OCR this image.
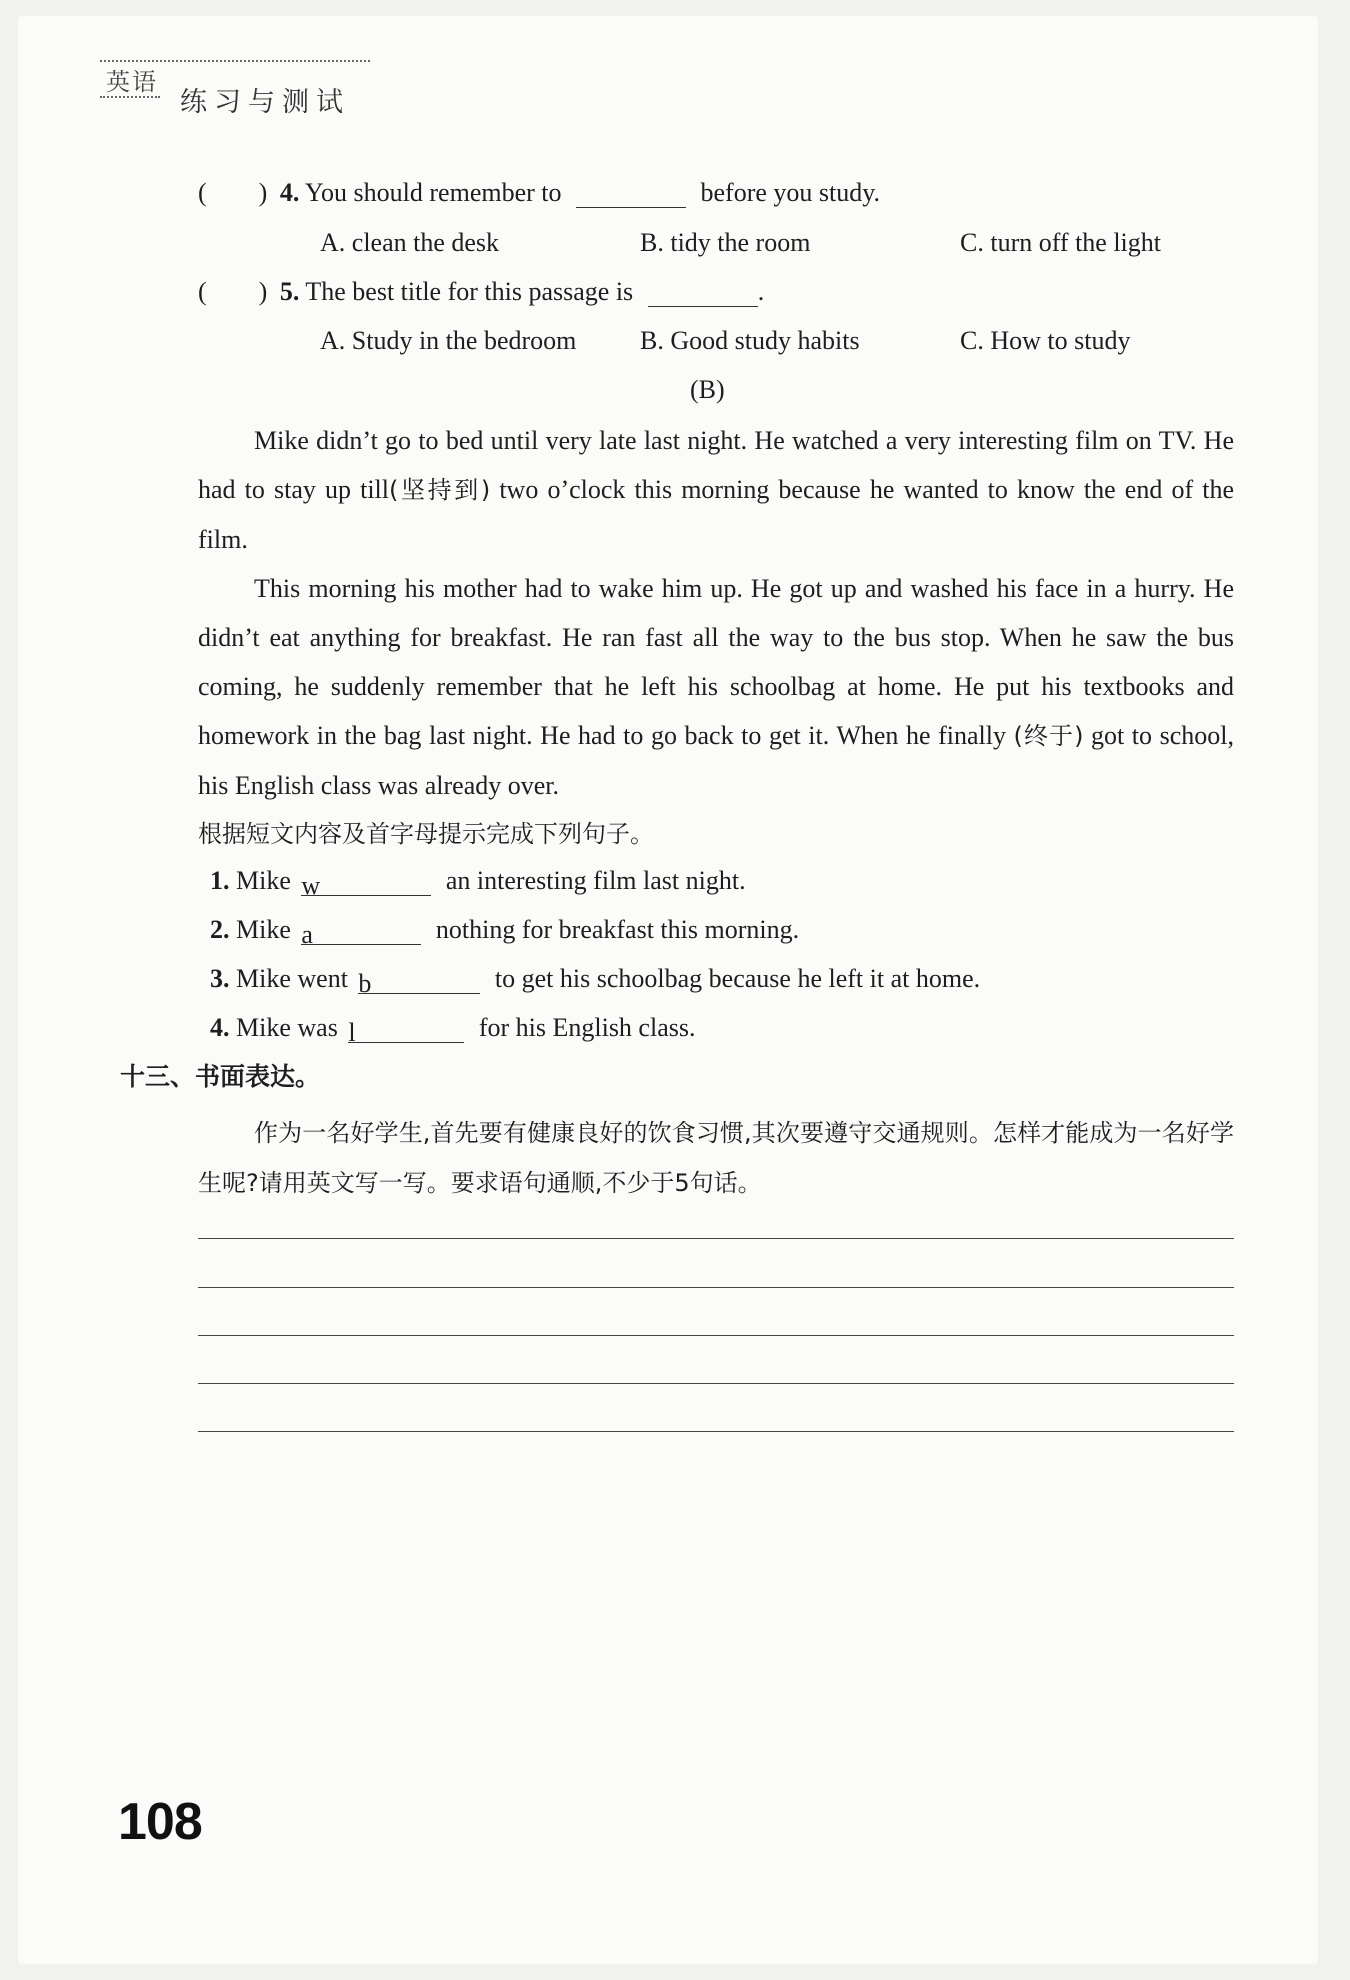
英语
练习与测试
(　　) 4. You should remember to	before you study.
A. clean the desk	B. tidy the room	C. turn off the light
(　　) 5. The best title for this passage is	.
A. Study in the bedroom B. Good study habits	C. How to study
(B)

Mike didn’t go to bed until very late last night. He watched a very interesting film on TV. He had to stay up till(坚持到) two o’clock this morning because he wanted to know the end of the film.

This morning his mother had to wake him up. He got up and washed his face in a hurry. He didn’t eat anything for breakfast. He ran fast all the way to the bus stop. When he saw the bus coming, he suddenly remember that he left his schoolbag at home. He put his textbooks and homework in the bag last night. He had to go back to get it. When he finally (终于) got to school, his English class was already over.

根据短文内容及首字母提示完成下列句子。
1. Mike w	an interesting film last night.
2. Mike a	nothing for breakfast this morning.
3. Mike went b	to get his schoolbag because he left it at home.
4. Mike was l	for his English class.
十三、书面表达。

作为一名好学生,首先要有健康良好的饮食习惯,其次要遵守交通规则。怎样才能成为一名好学生呢?请用英文写一写。要求语句通顺,不少于5句话。

108
